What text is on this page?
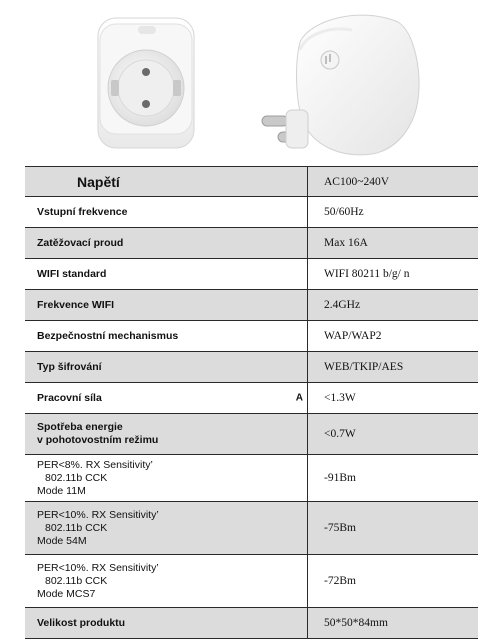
Napětí	AC100~240V
Vstupní frekvence	50/60Hz
Zatěžovací proud	Max 16A
WIFI standard	WIFI 80211 b/g/ n
Frekvence WIFI	2.4GHz
Bezpečnostní mechanismus	WAP/WAP2
Typ šifrování	WEB/TKIP/AES
Pracovní síla A	<1.3W

Spotřeba energie
v pohotovostním režimu	<0.7W

PER<8%. RX Sensitivity’
802.11b CCK
Mode 11M	-91Bm

PER<10%. RX Sensitivity’
802.11b CCK
Mode 54M	-75Bm

PER<10%. RX Sensitivity’
802.11b CCK
Mode MCS7	-72Bm
Velikost produktu	50*50*84mm
